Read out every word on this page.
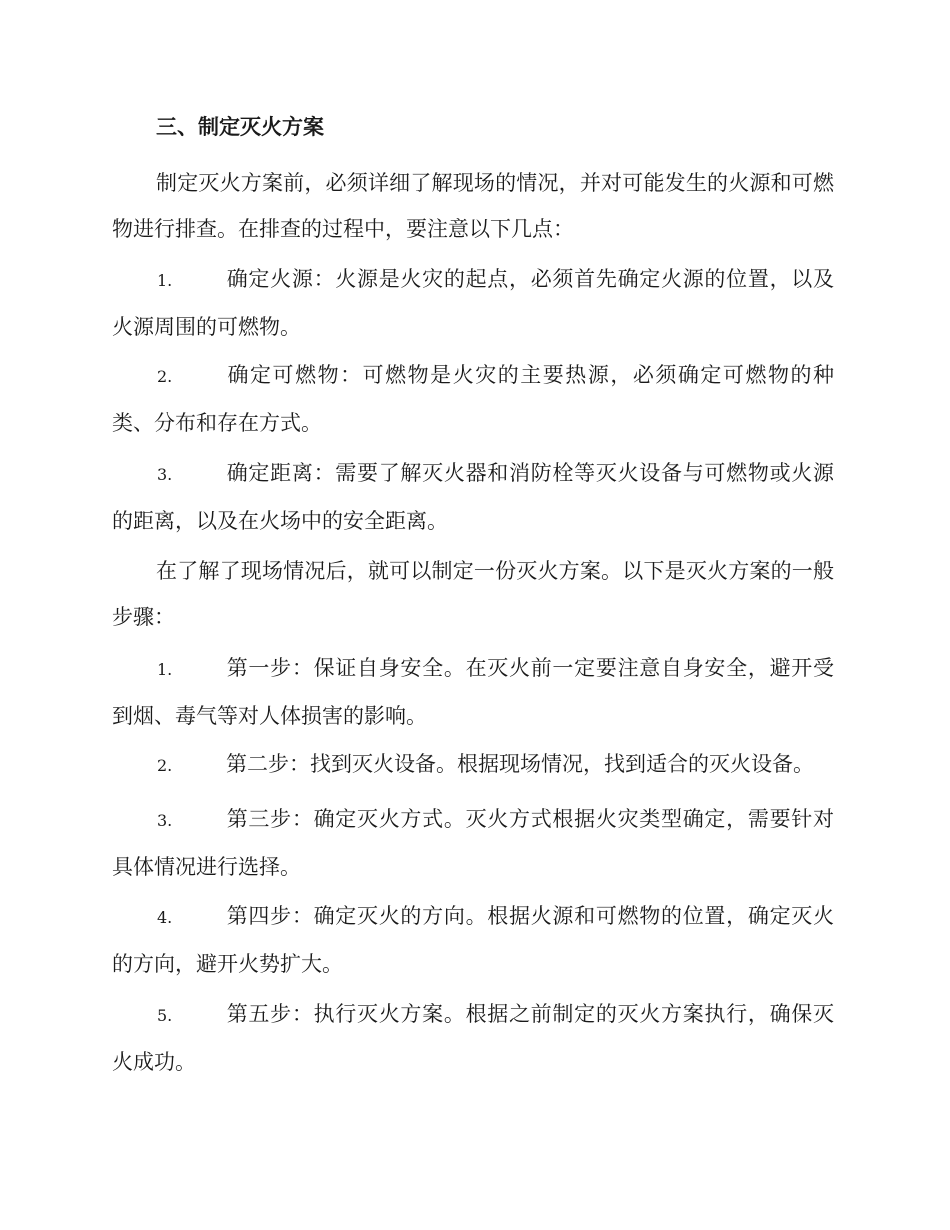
三、制定灭火方案
制定灭火方案前，必须详细了解现场的情况，并对可能发生的火源和可燃物进行排查。在排查的过程中，要注意以下几点：
1.	确定火源：火源是火灾的起点，必须首先确定火源的位置，以及火源周围的可燃物。
2.	确定可燃物：可燃物是火灾的主要热源，必须确定可燃物的种类、分布和存在方式。
3.	确定距离：需要了解灭火器和消防栓等灭火设备与可燃物或火源的距离，以及在火场中的安全距离。
在了解了现场情况后，就可以制定一份灭火方案。以下是灭火方案的一般步骤：
1.	第一步：保证自身安全。在灭火前一定要注意自身安全，避开受到烟、毒气等对人体损害的影响。
2.	第二步：找到灭火设备。根据现场情况，找到适合的灭火设备。
3.	第三步：确定灭火方式。灭火方式根据火灾类型确定，需要针对具体情况进行选择。
4.	第四步：确定灭火的方向。根据火源和可燃物的位置，确定灭火的方向，避开火势扩大。
5.	第五步：执行灭火方案。根据之前制定的灭火方案执行，确保灭火成功。
